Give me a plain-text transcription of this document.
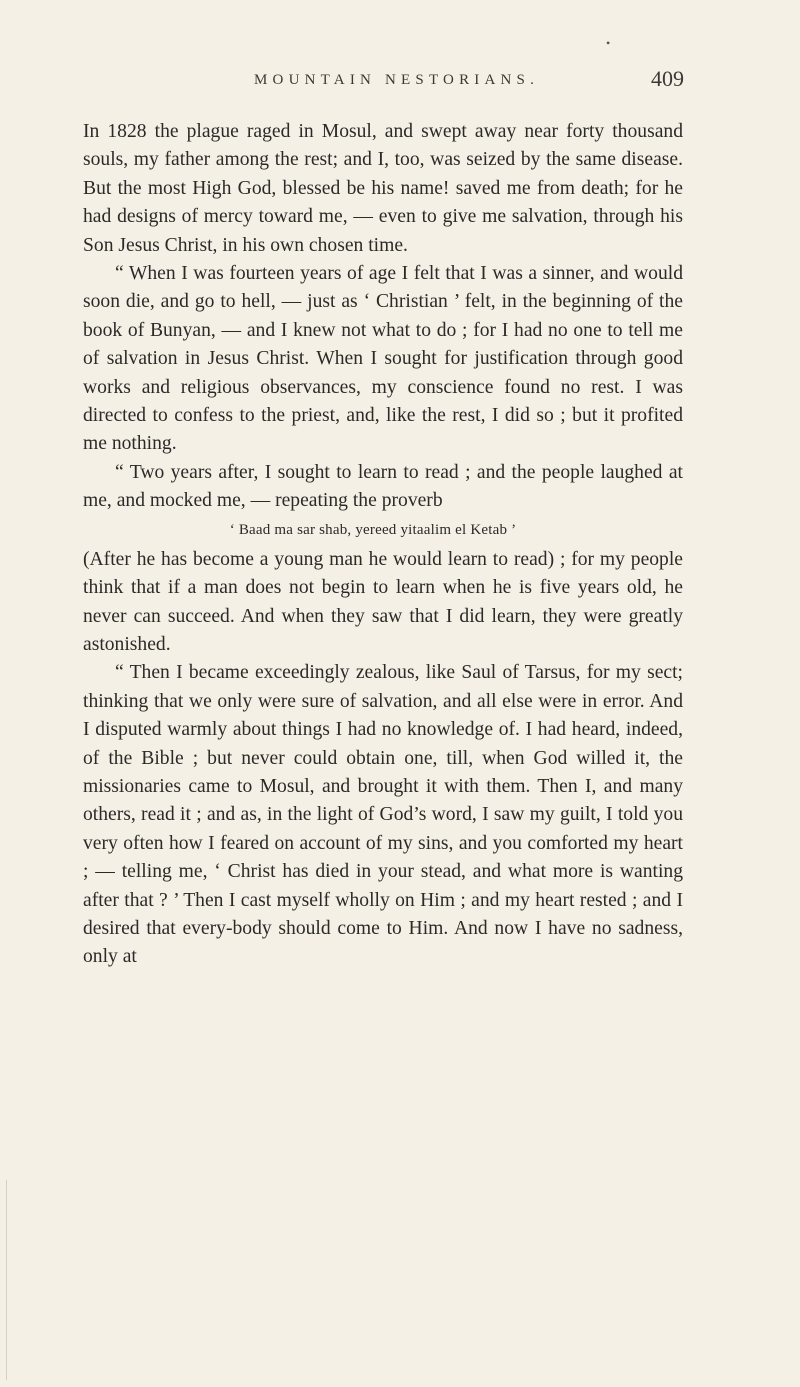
•
MOUNTAIN NESTORIANS.	409

In 1828 the plague raged in Mosul, and swept away near forty thousand souls, my father among the rest; and I, too, was seized by the same disease. But the most High God, blessed be his name! saved me from death; for he had designs of mercy toward me, — even to give me salvation, through his Son Jesus Christ, in his own chosen time.

“ When I was fourteen years of age I felt that I was a sinner, and would soon die, and go to hell, — just as ‘ Christian ’ felt, in the beginning of the book of Bunyan, — and I knew not what to do ; for I had no one to tell me of salvation in Jesus Christ. When I sought for justification through good works and religious observances, my conscience found no rest. I was directed to confess to the priest, and, like the rest, I did so ; but it profited me nothing.

“ Two years after, I sought to learn to read ; and the people laughed at me, and mocked me, — repeating the proverb

‘ Baad ma sar shab, yereed yitaalim el Ketab ’

(After he has become a young man he would learn to read) ; for my people think that if a man does not begin to learn when he is five years old, he never can succeed. And when they saw that I did learn, they were greatly astonished.

“ Then I became exceedingly zealous, like Saul of Tarsus, for my sect; thinking that we only were sure of salvation, and all else were in error. And I disputed warmly about things I had no knowledge of. I had heard, indeed, of the Bible ; but never could obtain one, till, when God willed it, the missionaries came to Mosul, and brought it with them. Then I, and many others, read it ; and as, in the light of God’s word, I saw my guilt, I told you very often how I feared on account of my sins, and you comforted my heart ; — telling me, ‘ Christ has died in your stead, and what more is wanting after that ? ’ Then I cast myself wholly on Him ; and my heart rested ; and I desired that every-body should come to Him. And now I have no sadness, only at
